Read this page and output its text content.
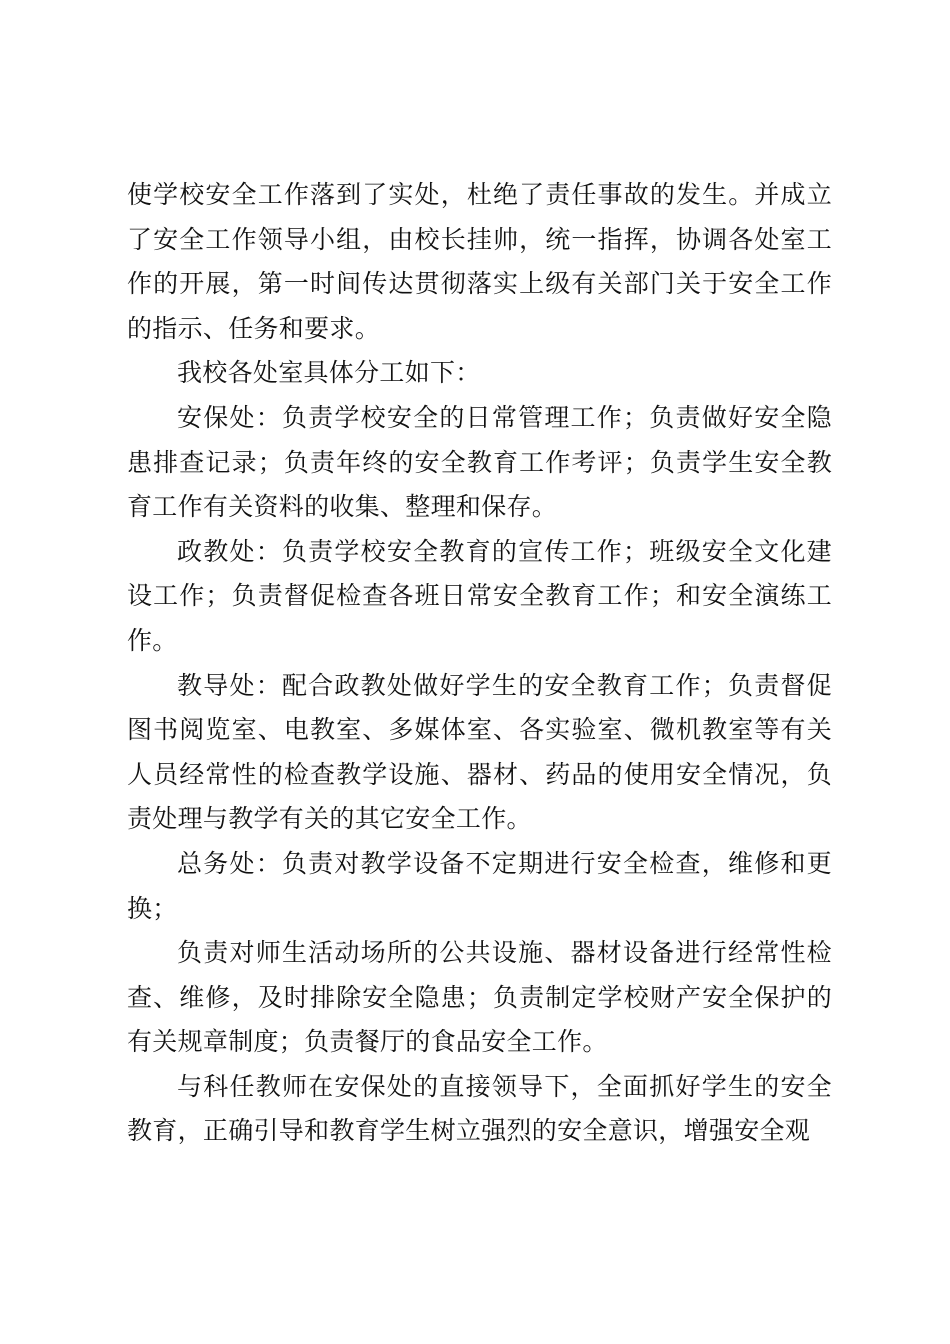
使学校安全工作落到了实处，杜绝了责任事故的发生。并成立了安全工作领导小组，由校长挂帅，统一指挥，协调各处室工作的开展，第一时间传达贯彻落实上级有关部门关于安全工作的指示、任务和要求。

我校各处室具体分工如下：

安保处：负责学校安全的日常管理工作；负责做好安全隐患排查记录；负责年终的安全教育工作考评；负责学生安全教育工作有关资料的收集、整理和保存。

政教处：负责学校安全教育的宣传工作；班级安全文化建设工作；负责督促检查各班日常安全教育工作；和安全演练工作。

教导处：配合政教处做好学生的安全教育工作；负责督促图书阅览室、电教室、多媒体室、各实验室、微机教室等有关人员经常性的检查教学设施、器材、药品的使用安全情况，负责处理与教学有关的其它安全工作。

总务处：负责对教学设备不定期进行安全检查，维修和更换；

负责对师生活动场所的公共设施、器材设备进行经常性检查、维修，及时排除安全隐患；负责制定学校财产安全保护的有关规章制度；负责餐厅的食品安全工作。

与科任教师在安保处的直接领导下，全面抓好学生的安全教育，正确引导和教育学生树立强烈的安全意识，增强安全观
